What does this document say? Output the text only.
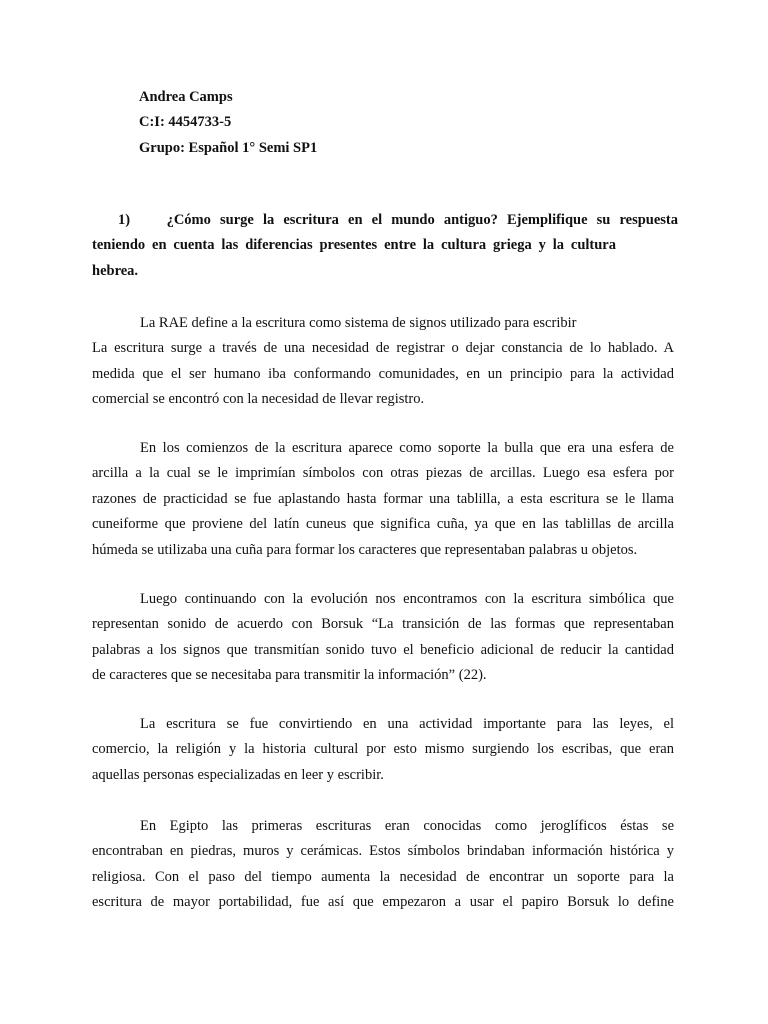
Andrea Camps
C:I: 4454733-5
Grupo: Español 1° Semi SP1
1)	¿Cómo surge la escritura en el mundo antiguo? Ejemplifique su respuesta
teniendo en cuenta las diferencias presentes entre la cultura griega y la cultura
hebrea.
La RAE define a la escritura como sistema de signos utilizado para escribir
La escritura surge a través de una necesidad de registrar o dejar constancia de lo hablado. A
medida que el ser humano iba conformando comunidades, en un principio para la actividad
comercial se encontró con la necesidad de llevar registro.
En los comienzos de la escritura aparece como soporte la bulla que era una esfera de
arcilla a la cual se le imprimían símbolos con otras piezas de arcillas. Luego esa esfera por
razones de practicidad se fue aplastando hasta formar una tablilla, a esta escritura se le llama
cuneiforme que proviene del latín cuneus que significa cuña, ya que en las tablillas de arcilla
húmeda se utilizaba una cuña para formar los caracteres que representaban palabras u objetos.
Luego continuando con la evolución nos encontramos con la escritura simbólica que
representan sonido de acuerdo con Borsuk “La transición de las formas que representaban
palabras a los signos que transmitían sonido tuvo el beneficio adicional de reducir la cantidad
de caracteres que se necesitaba para transmitir la información” (22).
La escritura se fue convirtiendo en una actividad importante para las leyes, el
comercio, la religión y la historia cultural por esto mismo surgiendo los escribas, que eran
aquellas personas especializadas en leer y escribir.
En Egipto las primeras escrituras eran conocidas como jeroglíficos éstas se
encontraban en piedras, muros y cerámicas. Estos símbolos brindaban información histórica y
religiosa. Con el paso del tiempo aumenta la necesidad de encontrar un soporte para la
escritura de mayor portabilidad, fue así que empezaron a usar el papiro Borsuk lo define
